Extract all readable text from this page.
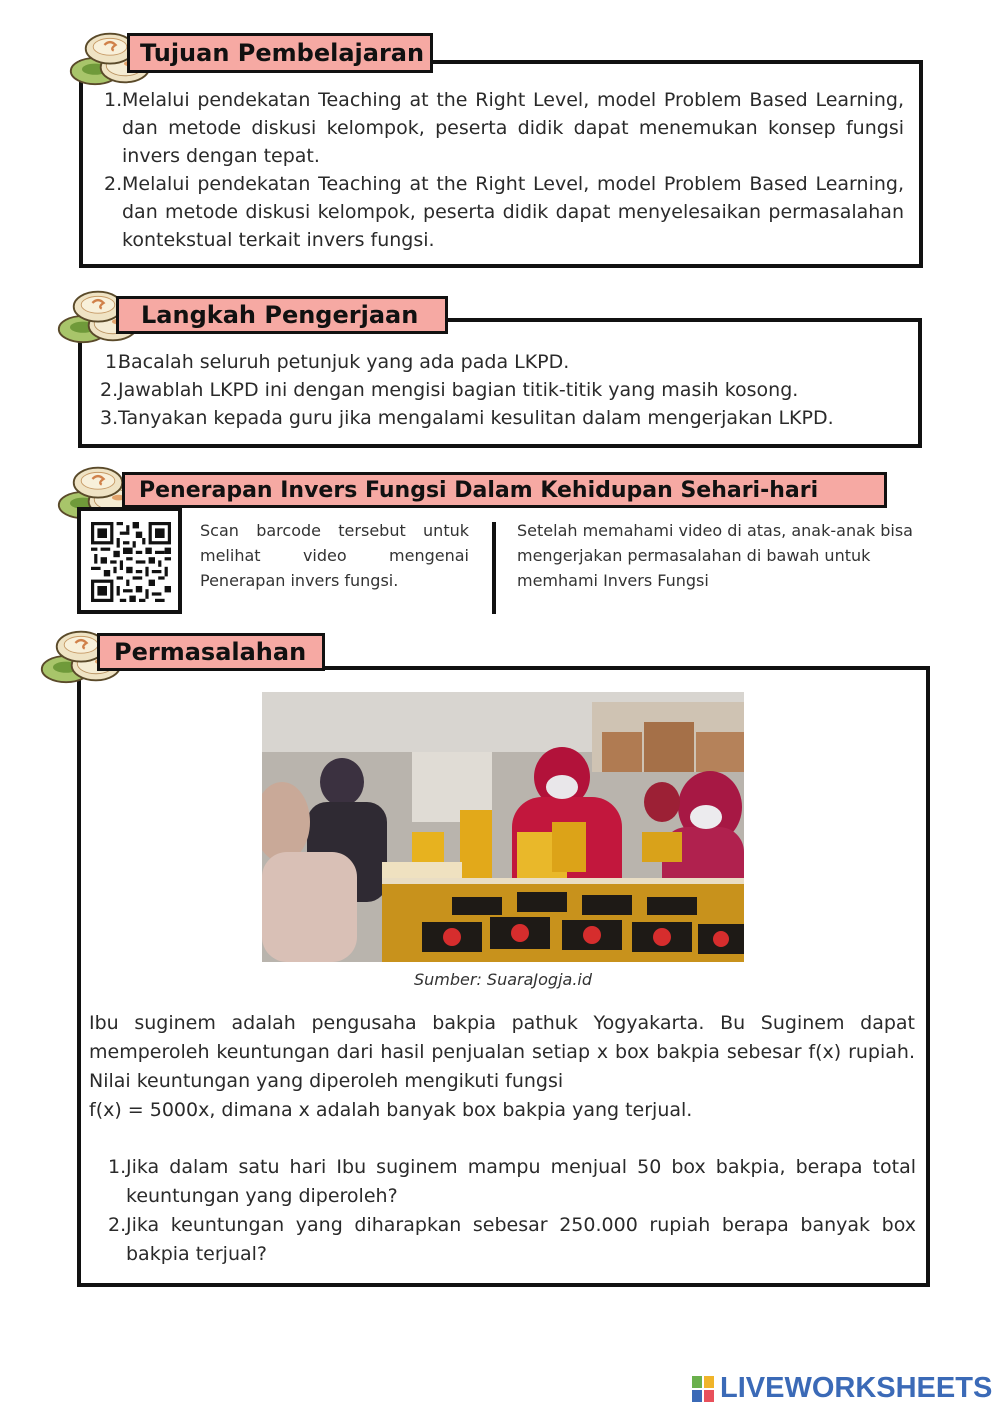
Tujuan Pembelajaran
1. Melalui pendekatan Teaching at the Right Level, model Problem Based Learning, dan metode diskusi kelompok, peserta didik dapat menemukan konsep fungsi invers dengan tepat.
2. Melalui pendekatan Teaching at the Right Level, model Problem Based Learning, dan metode diskusi kelompok, peserta didik dapat menyelesaikan permasalahan kontekstual terkait invers fungsi.
Langkah Pengerjaan
1.
Bacalah seluruh petunjuk yang ada pada LKPD.
2. Jawablah LKPD ini dengan mengisi bagian titik-titik yang masih kosong.
3. Tanyakan kepada guru jika mengalami kesulitan dalam mengerjakan LKPD.
Penerapan Invers Fungsi Dalam Kehidupan Sehari-hari
Scan barcode tersebut untuk melihat video mengenai Penerapan invers fungsi.
Setelah memahami video di atas, anak-anak bisa mengerjakan permasalahan di bawah untuk memhami Invers Fungsi
Permasalahan
Sumber: SuaraJogja.id
Ibu suginem adalah pengusaha bakpia pathuk Yogyakarta. Bu Suginem dapat memperoleh keuntungan dari hasil penjualan setiap x box bakpia sebesar f(x) rupiah. Nilai keuntungan yang diperoleh mengikuti fungsi
f(x) = 5000x, dimana x adalah banyak box bakpia yang terjual.
1. Jika dalam satu hari Ibu suginem mampu menjual 50 box bakpia, berapa total keuntungan yang diperoleh?
2. Jika keuntungan yang diharapkan sebesar 250.000 rupiah berapa banyak box bakpia terjual?
LIVEWORKSHEETS
